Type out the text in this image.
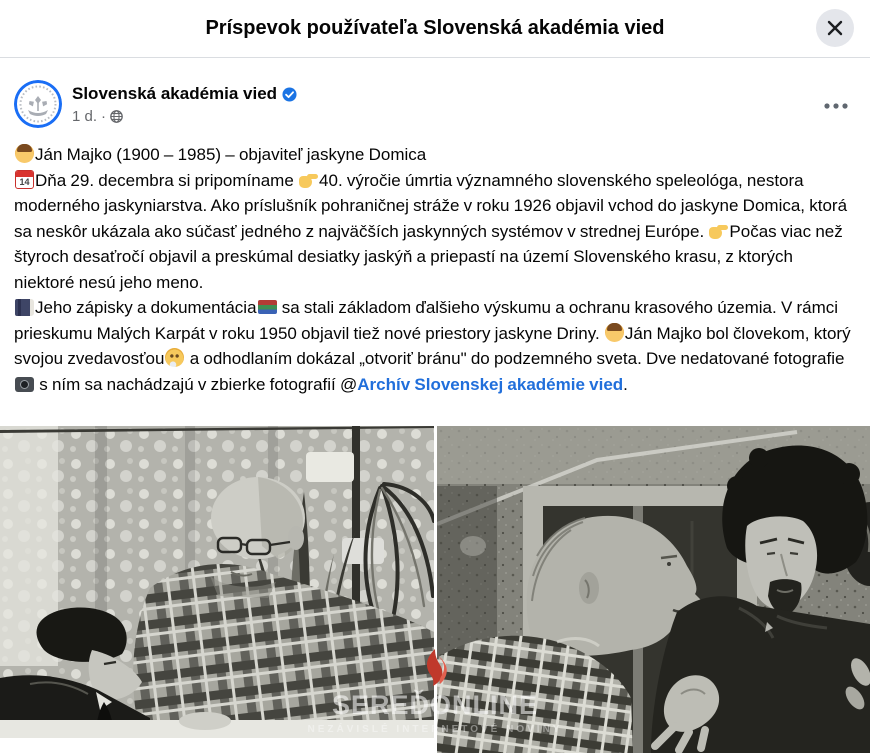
Príspevok používateľa Slovenská akadémia vied
Slovenská akadémia vied
1 d. ·
Ján Majko (1900 – 1985) – objaviteľ jaskyne Domica
14Dňa 29. decembra si pripomíname 40. výročie úmrtia významného slovenského speleológa, nestora moderného jaskyniarstva. Ako príslušník pohraničnej stráže v roku 1926 objavil vchod do jaskyne Domica, ktorá sa neskôr ukázala ako súčasť jedného z najväčších jaskynných systémov v strednej Európe. Počas viac než štyroch desaťročí objavil a preskúmal desiatky jaskýň a priepastí na území Slovenského krasu, z ktorých niektoré nesú jeho meno.
Jeho zápisky a dokumentácia sa stali základom ďalšieho výskumu a ochranu krasového územia. V rámci prieskumu Malých Karpát v roku 1950 objavil tiež nové priestory jaskyne Driny. Ján Majko bol človekom, ktorý svojou zvedavosťou a odhodlaním dokázal „otvoriť bránu" do podzemného sveta. Dve nedatované fotografie s ním sa nachádzajú v zbierke fotografií @Archív Slovenskej akadémie vied.
SEREĎONLINE
NEZÁVISLÉ INTERNETOVÉ NOVINY
